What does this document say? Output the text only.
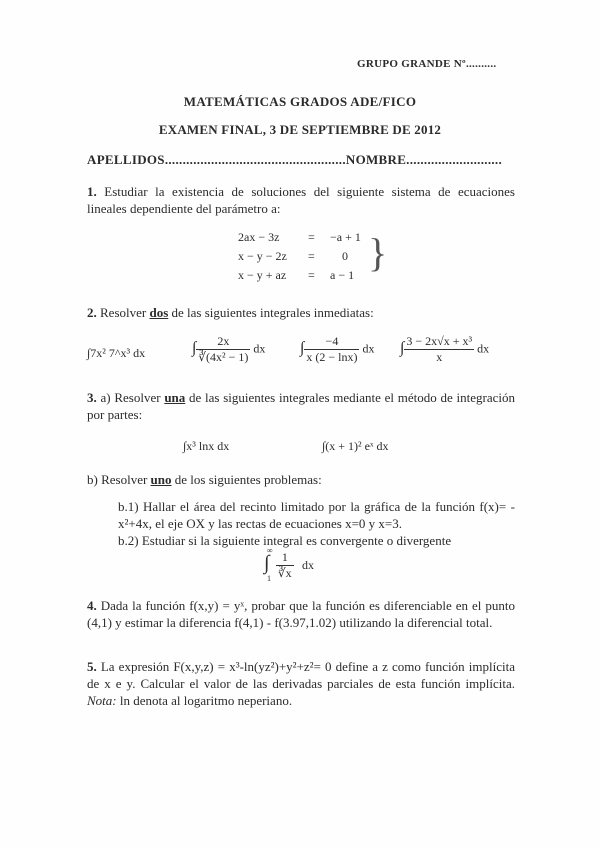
GRUPO GRANDE Nº..........
MATEMÁTICAS GRADOS ADE/FICO
EXAMEN FINAL, 3 DE SEPTIEMBRE DE 2012
APELLIDOS...................................................NOMBRE...........................
1. Estudiar la existencia de soluciones del siguiente sistema de ecuaciones lineales dependiente del parámetro a:
2ax − 3z = −a + 1
x − y − 2z = 0
x − y + az = a − 1 }
2. Resolver dos de las siguientes integrales inmediatas:
∫7x² 7^x³ dx	∫ $\frac{2x}{\text{∛(4x² − 1)}}$ dx ∫ $\frac{-4}{x (2 - \ln x)}$ dx ∫ $\frac{\text{3 − 2x√x + x³}}{x}$ dx
3. a) Resolver una de las siguientes integrales mediante el método de integración por partes:
∫x³ lnx dx	∫(x + 1)² eˣ dx
b) Resolver uno de los siguientes problemas:
b.1) Hallar el área del recinto limitado por la gráfica de la función f(x)= -x²+4x, el eje OX y las rectas de ecuaciones x=0 y x=3.
b.2) Estudiar si la siguiente integral es convergente o divergente
∞
∫
$1 \frac{1}{∛x}$ dx
4. Dada la función f(x,y) = yˣ, probar que la función es diferenciable en el punto (4,1) y estimar la diferencia f(4,1) - f(3.97,1.02) utilizando la diferencial total.
5. La expresión F(x,y,z) = x³-ln(yz²)+y²+z²= 0 define a z como función implícita de x e y. Calcular el valor de las derivadas parciales de esta función implícita. Nota: ln denota al logaritmo neperiano.
